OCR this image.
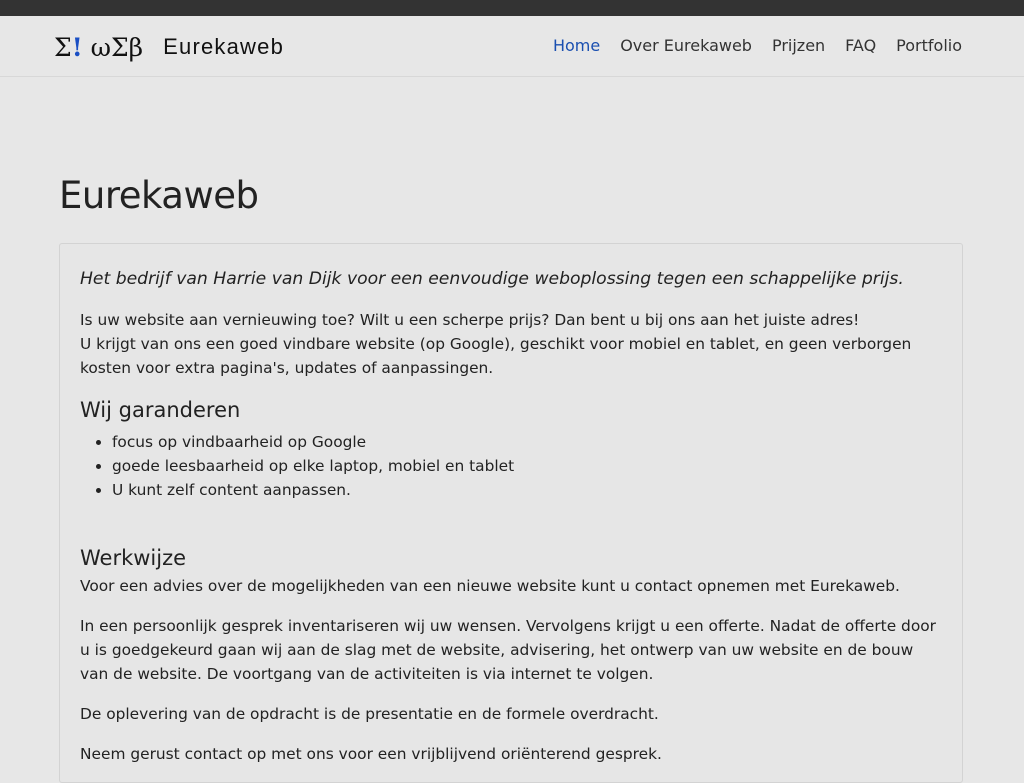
Σ! ωΣβ Eurekaweb	Home Over Eurekaweb Prijzen FAQ Portfolio
Eurekaweb

Het bedrijf van Harrie van Dijk voor een eenvoudige weboplossing tegen een schappelijke prijs.

Is uw website aan vernieuwing toe? Wilt u een scherpe prijs? Dan bent u bij ons aan het juiste adres!
U krijgt van ons een goed vindbare website (op Google), geschikt voor mobiel en tablet, en geen verborgen kosten voor extra pagina's, updates of aanpassingen.

Wij garanderen
• focus op vindbaarheid op Google
• goede leesbaarheid op elke laptop, mobiel en tablet
• U kunt zelf content aanpassen.
Werkwijze

Voor een advies over de mogelijkheden van een nieuwe website kunt u contact opnemen met Eurekaweb.

In een persoonlijk gesprek inventariseren wij uw wensen. Vervolgens krijgt u een offerte. Nadat de offerte door u is goedgekeurd gaan wij aan de slag met de website, advisering, het ontwerp van uw website en de bouw van de website. De voortgang van de activiteiten is via internet te volgen.

De oplevering van de opdracht is de presentatie en de formele overdracht.

Neem gerust contact op met ons voor een vrijblijvend oriënterend gesprek.
